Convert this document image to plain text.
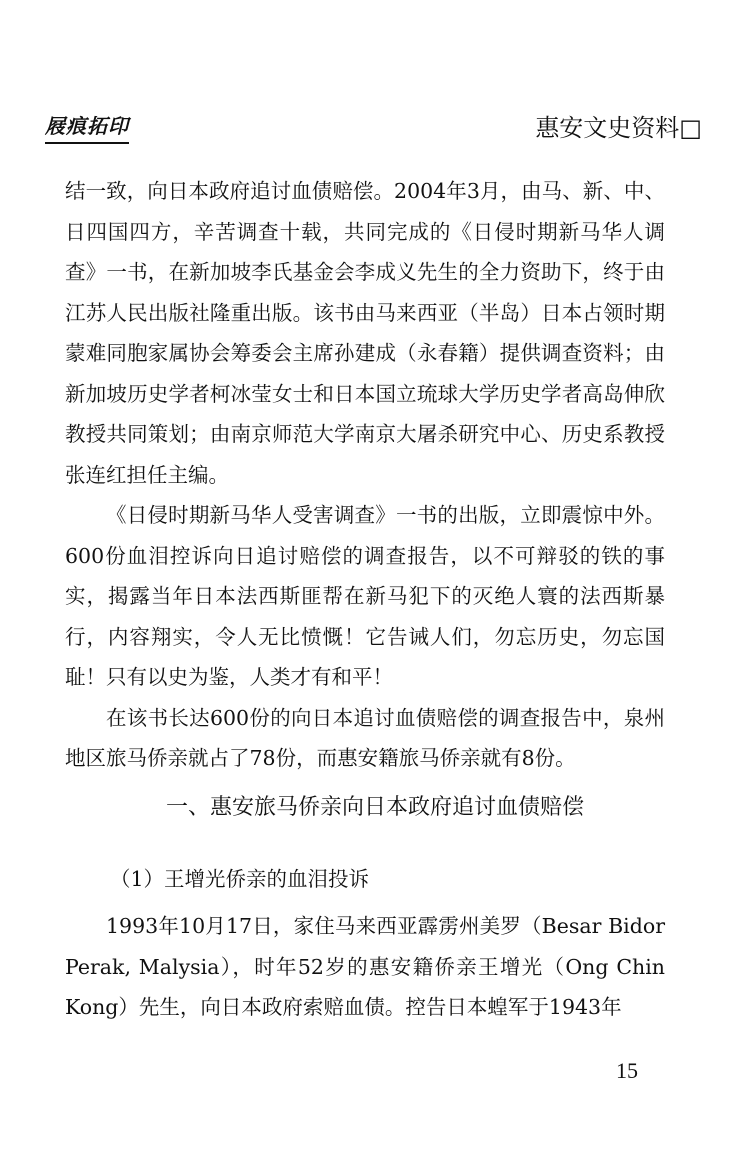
屐痕拓印	惠安文史资料□

结一致，向日本政府追讨血债赔偿。2004年3月，由马、新、中、日四国四方，辛苦调查十载，共同完成的《日侵时期新马华人调查》一书，在新加坡李氏基金会李成义先生的全力资助下，终于由江苏人民出版社隆重出版。该书由马来西亚（半岛）日本占领时期蒙难同胞家属协会筹委会主席孙建成（永春籍）提供调查资料；由新加坡历史学者柯冰莹女士和日本国立琉球大学历史学者高岛伸欣教授共同策划；由南京师范大学南京大屠杀研究中心、历史系教授张连红担任主编。

《日侵时期新马华人受害调查》一书的出版，立即震惊中外。600份血泪控诉向日追讨赔偿的调查报告，以不可辩驳的铁的事实，揭露当年日本法西斯匪帮在新马犯下的灭绝人寰的法西斯暴行，内容翔实，令人无比愤慨！它告诫人们，勿忘历史，勿忘国耻！只有以史为鉴，人类才有和平！

在该书长达600份的向日本追讨血债赔偿的调查报告中，泉州地区旅马侨亲就占了78份，而惠安籍旅马侨亲就有8份。

一、惠安旅马侨亲向日本政府追讨血债赔偿
（1）王增光侨亲的血泪投诉

1993年10月17日，家住马来西亚霹雳州美罗（Besar Bidor Perak, Malysia），时年52岁的惠安籍侨亲王增光（Ong Chin Kong）先生，向日本政府索赔血债。控告日本蝗军于1943年

15
